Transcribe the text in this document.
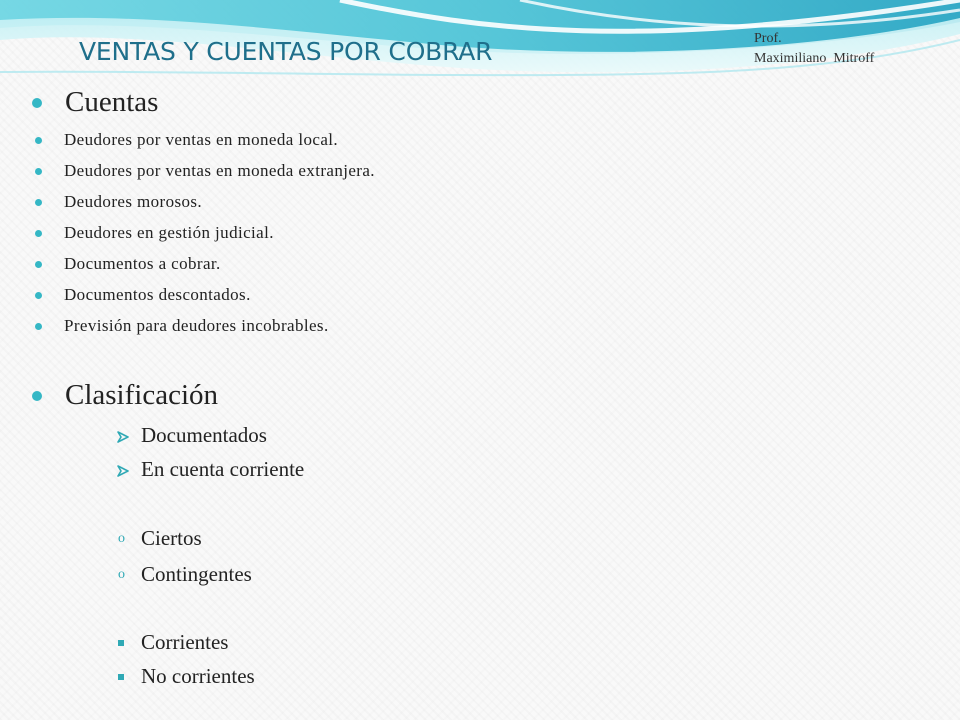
VENTAS Y CUENTAS POR COBRAR	Prof.
Maximiliano  Mitroff
Cuentas
Deudores por ventas en moneda local.
Deudores por ventas en moneda extranjera.
Deudores morosos.
Deudores en gestión judicial.
Documentos a cobrar.
Documentos descontados.
Previsión para deudores incobrables.
Clasificación
Documentados
En cuenta corriente
o Ciertos
o Contingentes
Corrientes
No corrientes
